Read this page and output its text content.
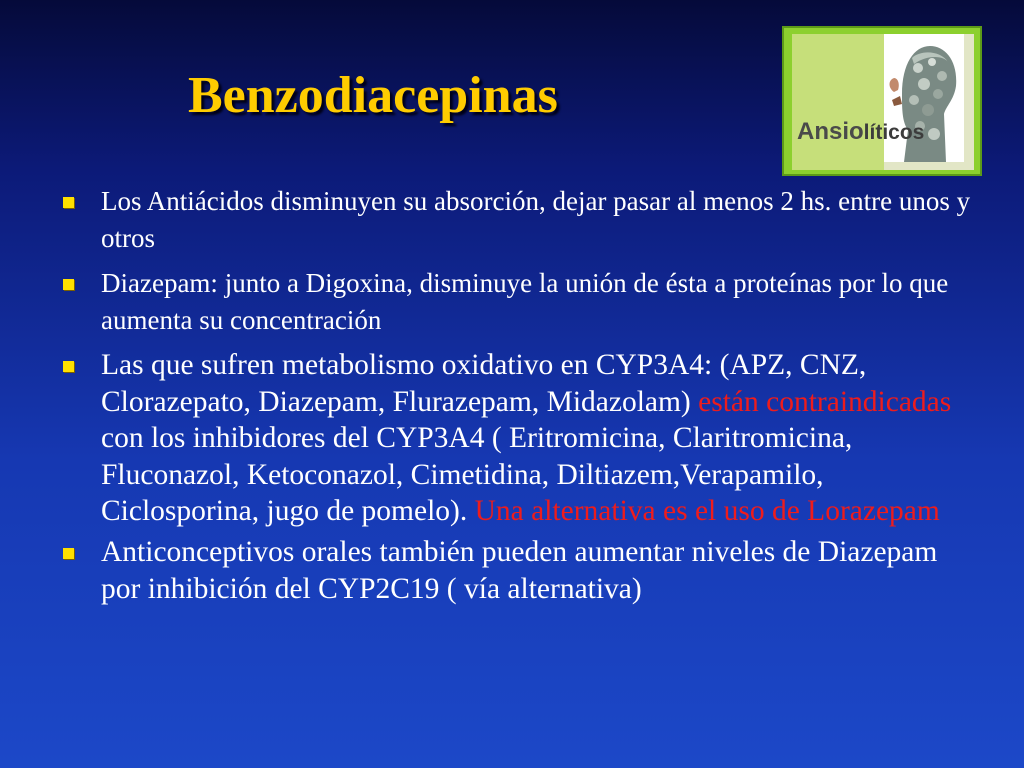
Benzodiacepinas
Ansiolíticos
Los Antiácidos disminuyen su absorción, dejar pasar al menos 2 hs. entre unos y otros
Diazepam: junto a Digoxina, disminuye la unión de ésta a proteínas por lo que aumenta su concentración
Las que sufren metabolismo oxidativo en CYP3A4: (APZ, CNZ, Clorazepato, Diazepam, Flurazepam, Midazolam) están contraindicadas con los inhibidores del CYP3A4 ( Eritromicina, Claritromicina, Fluconazol, Ketoconazol, Cimetidina, Diltiazem,Verapamilo, Ciclosporina, jugo de pomelo). Una alternativa es el uso de Lorazepam
Anticonceptivos orales también pueden aumentar niveles de Diazepam por inhibición del CYP2C19 ( vía alternativa)
